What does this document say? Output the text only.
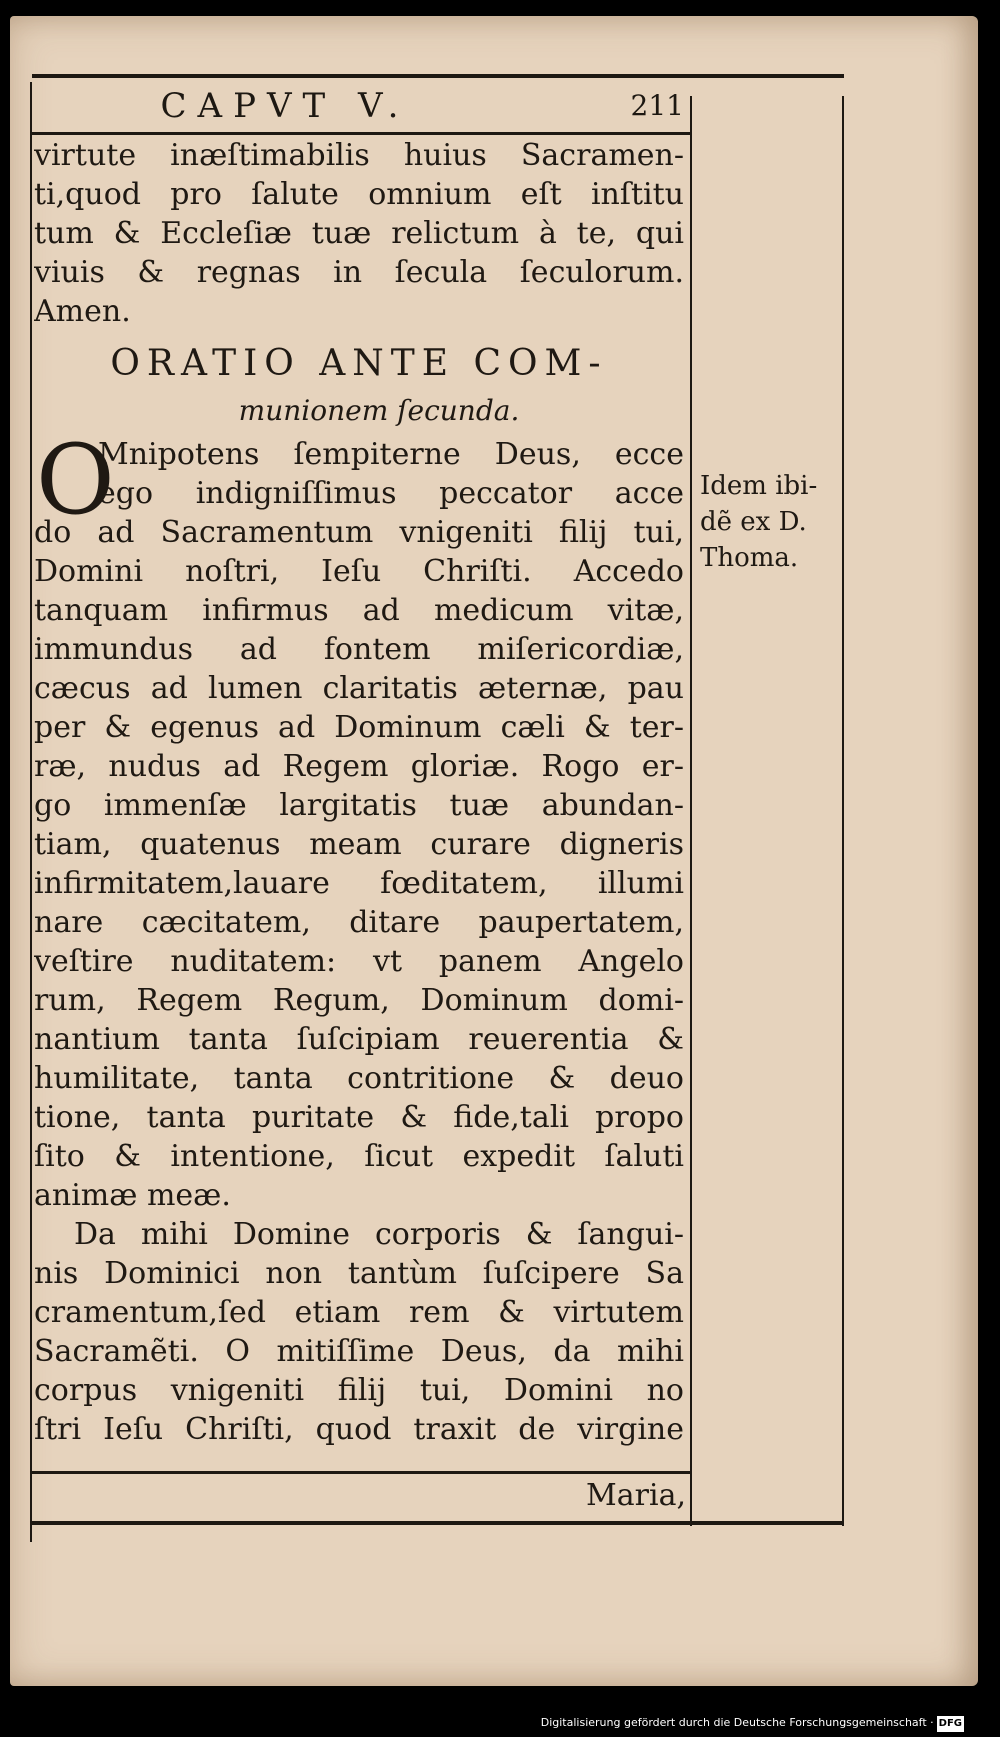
CAPVT V.	211
virtute inæſtimabilis huius Sacramen-
ti,quod pro ſalute omnium eſt inſtitu
tum & Eccleſiæ tuæ relictum à te, qui
viuis & regnas in ſecula ſeculorum.
Amen.
ORATIO ANTE COM-
munionem ſecunda.
O
Mnipotens ſempiterne Deus, ecce
ego indigniſſimus peccator acce
do ad Sacramentum vnigeniti filij tui,
Domini noſtri, Ieſu Chriſti. Accedo
tanquam infirmus ad medicum vitæ,
immundus ad fontem miſericordiæ,
cæcus ad lumen claritatis æternæ, pau
per & egenus ad Dominum cæli & ter-
ræ, nudus ad Regem gloriæ. Rogo er-
go immenſæ largitatis tuæ abundan-
tiam, quatenus meam curare digneris
infirmitatem,lauare fœditatem, illumi
nare cæcitatem, ditare paupertatem,
veſtire nuditatem: vt panem Angelo
rum, Regem Regum, Dominum domi-
nantium tanta ſuſcipiam reuerentia &
humilitate, tanta contritione & deuo
tione, tanta puritate & fide,tali propo
ſito & intentione, ſicut expedit ſaluti
animæ meæ.
Da mihi Domine corporis & ſangui-
nis Dominici non tantùm ſuſcipere Sa
cramentum,ſed etiam rem & virtutem
Sacramẽti. O mitiſſime Deus, da mihi
corpus vnigeniti filij tui, Domini no
ſtri Ieſu Chriſti, quod traxit de virgine
Maria,
Idem ibi-
dẽ ex D.
Thoma.
Digitalisierung gefördert durch die Deutsche Forschungsgemeinschaft · DFG
